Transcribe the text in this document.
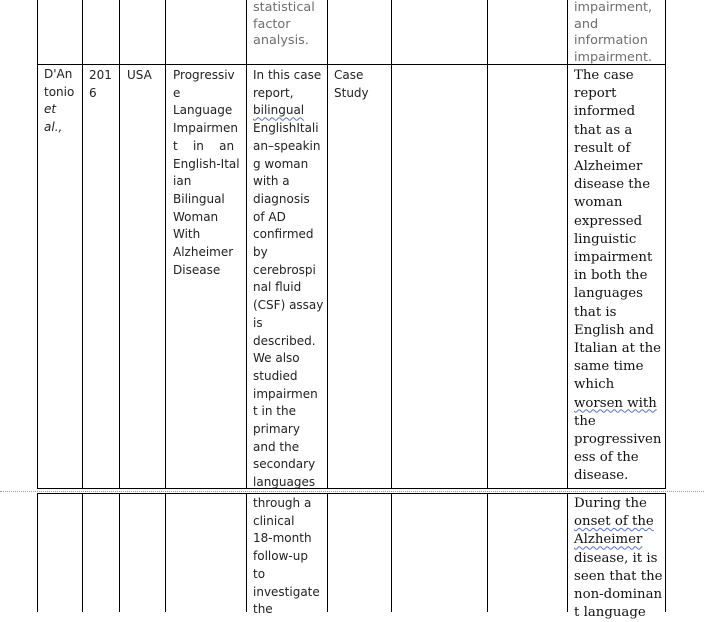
statistical
factor
analysis.
impairment,
and
information
impairment.
D'An
tonio
et
al.,
201
6
USA Progressiv
e
Language
Impairmen
t    in    an
English-Ital
ian
Bilingual
Woman
With
Alzheimer
Disease
In this case
report,
bilingual
EnglishItali
an–speakin
g woman
with a
diagnosis
of AD
confirmed
by
cerebrospi
nal fluid
(CSF) assay
is
described.
We also
studied
impairmen
t in the
primary
and the
secondary
languages
Case
Study
The case
report
informed
that as a
result of
Alzheimer
disease the
woman
expressed
linguistic
impairment
in both the
languages
that is
English and
Italian at the
same time
which
worsen with
the
progressiven
ess of the
disease.
through a
clinical
18-month
follow-up
to
investigate
the
During the
onset of the
Alzheimer
disease, it is
seen that the
non-dominan
t language
